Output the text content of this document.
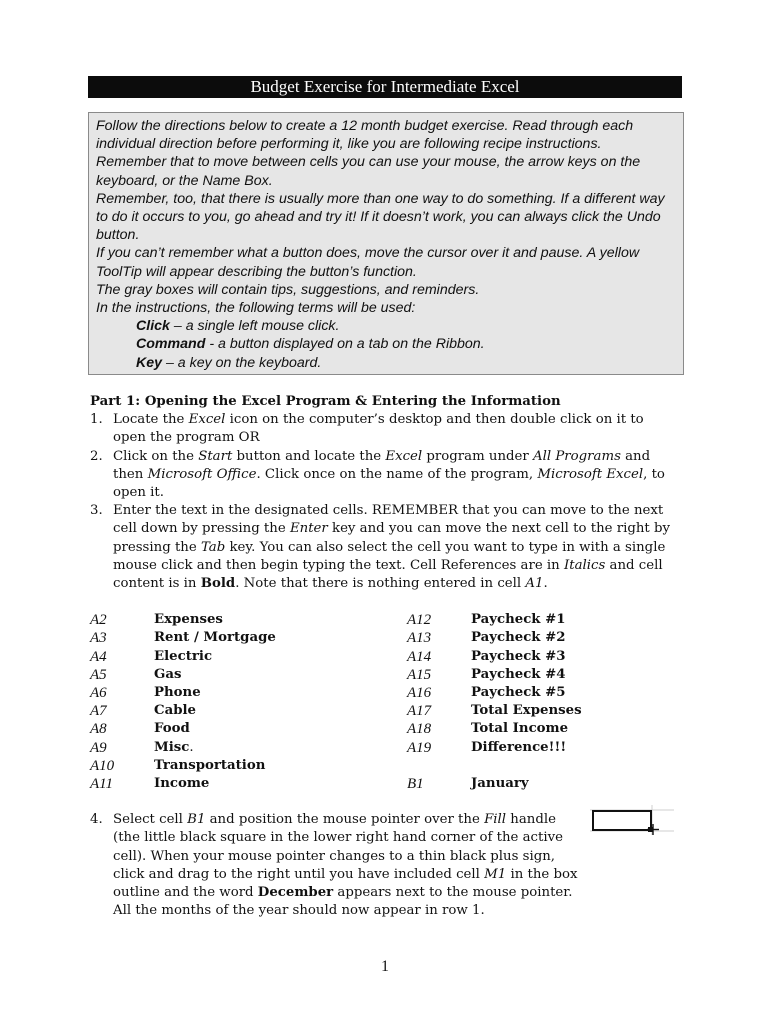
Budget Exercise for Intermediate Excel

Follow the directions below to create a 12 month budget exercise. Read through each individual direction before performing it, like you are following recipe instructions.

Remember that to move between cells you can use your mouse, the arrow keys on the keyboard, or the Name Box.

Remember, too, that there is usually more than one way to do something. If a different way to do it occurs to you, go ahead and try it! If it doesn’t work, you can always click the Undo button.

If you can’t remember what a button does, move the cursor over it and pause. A yellow ToolTip will appear describing the button’s function.

The gray boxes will contain tips, suggestions, and reminders.

In the instructions, the following terms will be used:

Click – a single left mouse click.

Command - a button displayed on a tab on the Ribbon.

Key – a key on the keyboard.

Part 1: Opening the Excel Program & Entering the Information

1. Locate the Excel icon on the computer’s desktop and then double click on it to open the program OR
2. Click on the Start button and locate the Excel program under All Programs and then Microsoft Office. Click once on the name of the program, Microsoft Excel, to open it.
3. Enter the text in the designated cells. REMEMBER that you can move to the next cell down by pressing the Enter key and you can move the next cell to the right by pressing the Tab key. You can also select the cell you want to type in with a single mouse click and then begin typing the text. Cell References are in Italics and cell content is in Bold. Note that there is nothing entered in cell A1.
A2	Expenses	A12	Paycheck #1
A3	Rent / Mortgage	A13	Paycheck #2
A4	Electric	A14	Paycheck #3
A5	Gas	A15	Paycheck #4
A6	Phone	A16	Paycheck #5
A7	Cable	A17	Total Expenses
A8	Food	A18	Total Income
A9	Misc.	A19	Difference!!!
A10	Transportation
A11	Income	B1	January
4. Select cell B1 and position the mouse pointer over the Fill handle (the little black square in the lower right hand corner of the active cell). When your mouse pointer changes to a thin black plus sign, click and drag to the right until you have included cell M1 in the box outline and the word December appears next to the mouse pointer. All the months of the year should now appear in row 1.
1
